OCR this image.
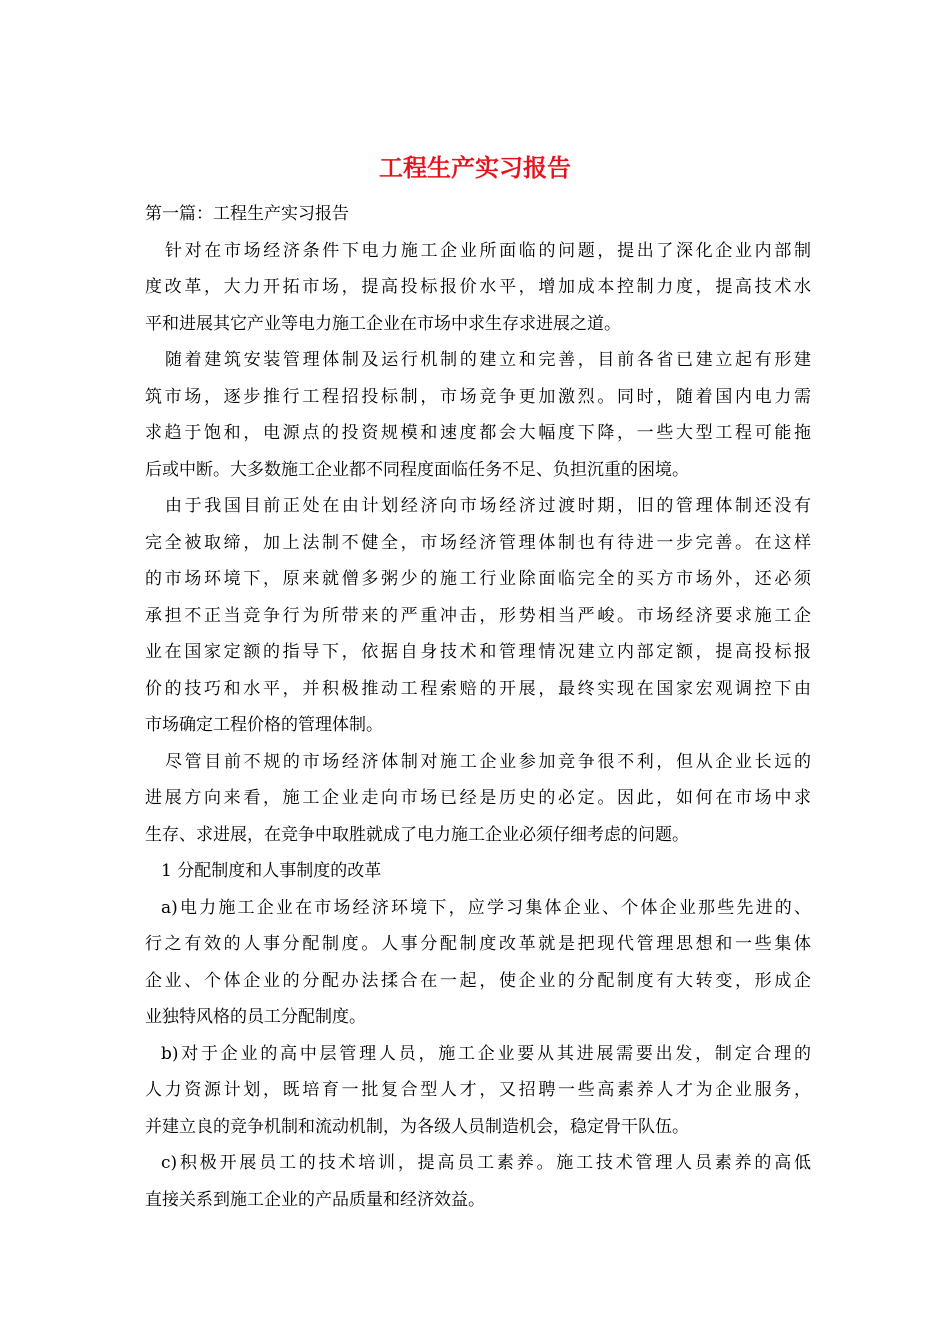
工程生产实习报告
第一篇：工程生产实习报告
针对在市场经济条件下电力施工企业所面临的问题，提出了深化企业内部制
度改革，大力开拓市场，提高投标报价水平，增加成本控制力度，提高技术水
平和进展其它产业等电力施工企业在市场中求生存求进展之道。
随着建筑安装管理体制及运行机制的建立和完善，目前各省已建立起有形建
筑市场，逐步推行工程招投标制，市场竞争更加激烈。同时，随着国内电力需
求趋于饱和，电源点的投资规模和速度都会大幅度下降，一些大型工程可能拖
后或中断。大多数施工企业都不同程度面临任务不足、负担沉重的困境。
由于我国目前正处在由计划经济向市场经济过渡时期，旧的管理体制还没有
完全被取缔，加上法制不健全，市场经济管理体制也有待进一步完善。在这样
的市场环境下，原来就僧多粥少的施工行业除面临完全的买方市场外，还必须
承担不正当竞争行为所带来的严重冲击，形势相当严峻。市场经济要求施工企
业在国家定额的指导下，依据自身技术和管理情况建立内部定额，提高投标报
价的技巧和水平，并积极推动工程索赔的开展，最终实现在国家宏观调控下由
市场确定工程价格的管理体制。
尽管目前不规的市场经济体制对施工企业参加竞争很不利，但从企业长远的
进展方向来看，施工企业走向市场已经是历史的必定。因此，如何在市场中求
生存、求进展，在竞争中取胜就成了电力施工企业必须仔细考虑的问题。
1 分配制度和人事制度的改革
a)电力施工企业在市场经济环境下，应学习集体企业、个体企业那些先进的、
行之有效的人事分配制度。人事分配制度改革就是把现代管理思想和一些集体
企业、个体企业的分配办法揉合在一起，使企业的分配制度有大转变，形成企
业独特风格的员工分配制度。
b)对于企业的高中层管理人员，施工企业要从其进展需要出发，制定合理的
人力资源计划，既培育一批复合型人才，又招聘一些高素养人才为企业服务，
并建立良的竞争机制和流动机制，为各级人员制造机会，稳定骨干队伍。
c)积极开展员工的技术培训，提高员工素养。施工技术管理人员素养的高低
直接关系到施工企业的产品质量和经济效益。
